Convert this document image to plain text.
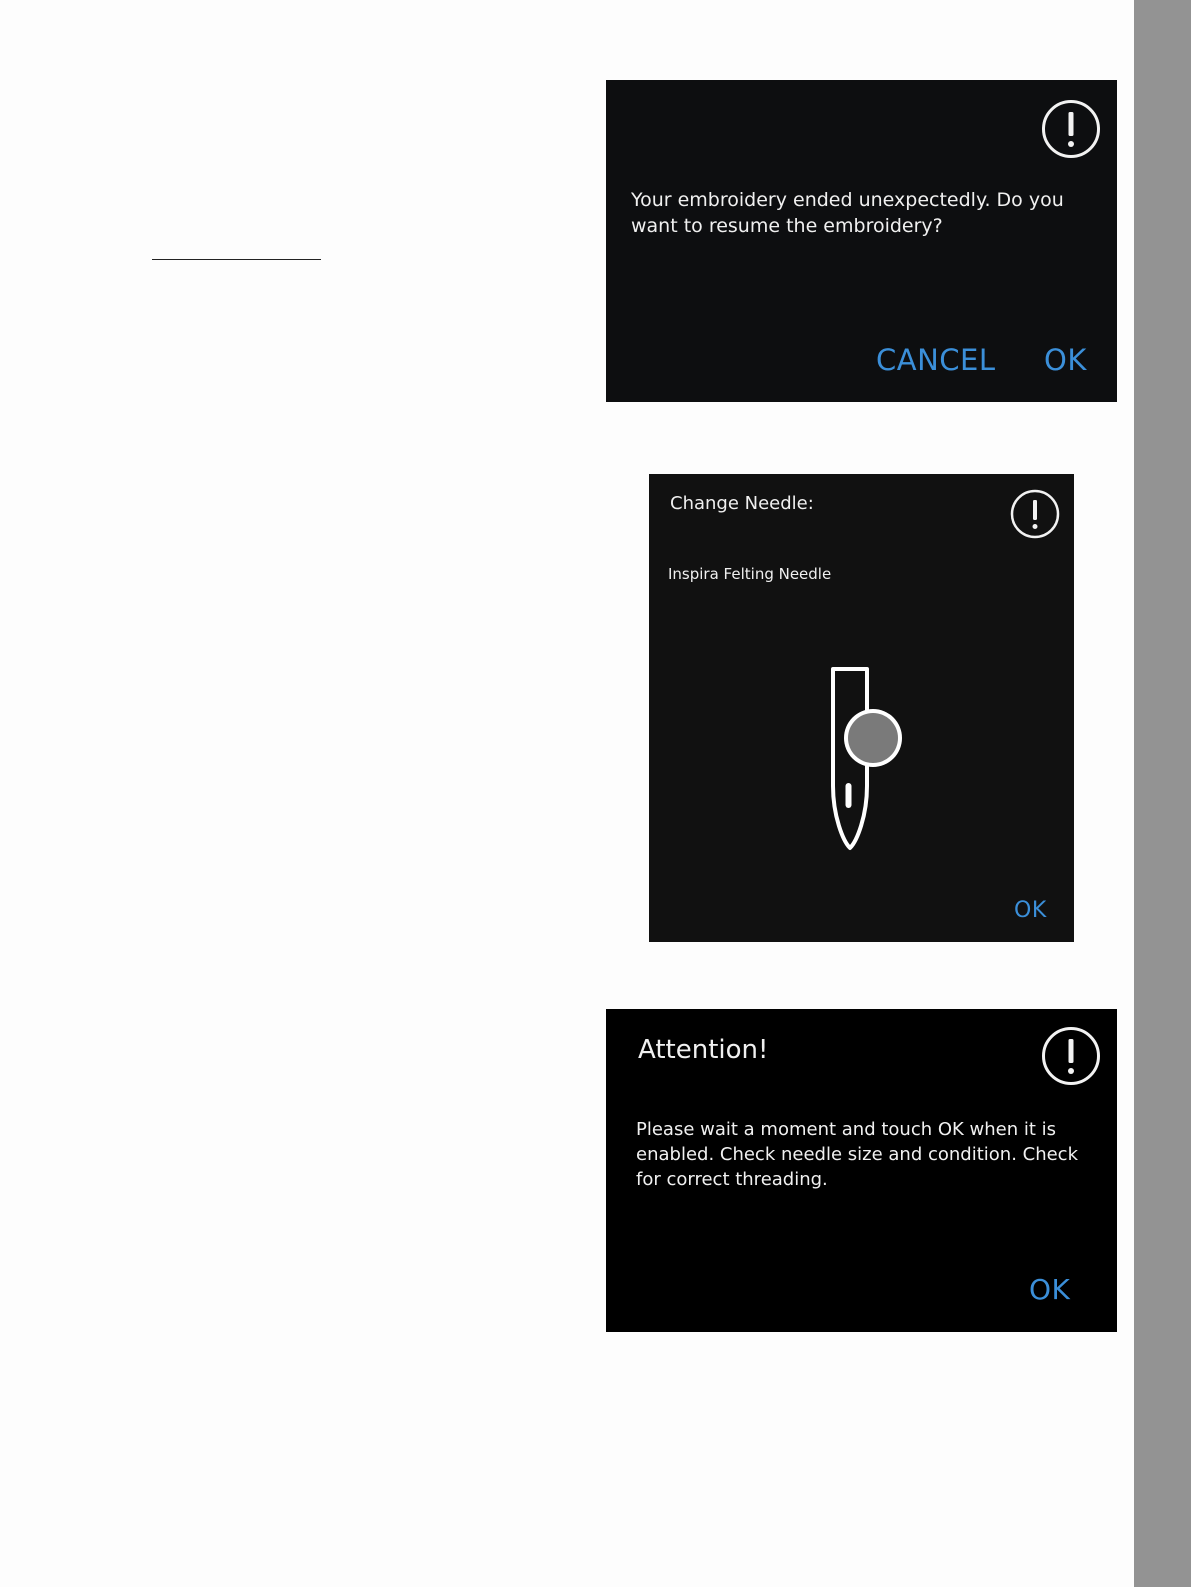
Your embroidery ended unexpectedly. Do you want to resume the embroidery?
CANCEL OK
Change Needle:
Inspira Felting Needle
OK
Attention!
Please wait a moment and touch OK when it is enabled. Check needle size and condition. Check for correct threading.
OK
